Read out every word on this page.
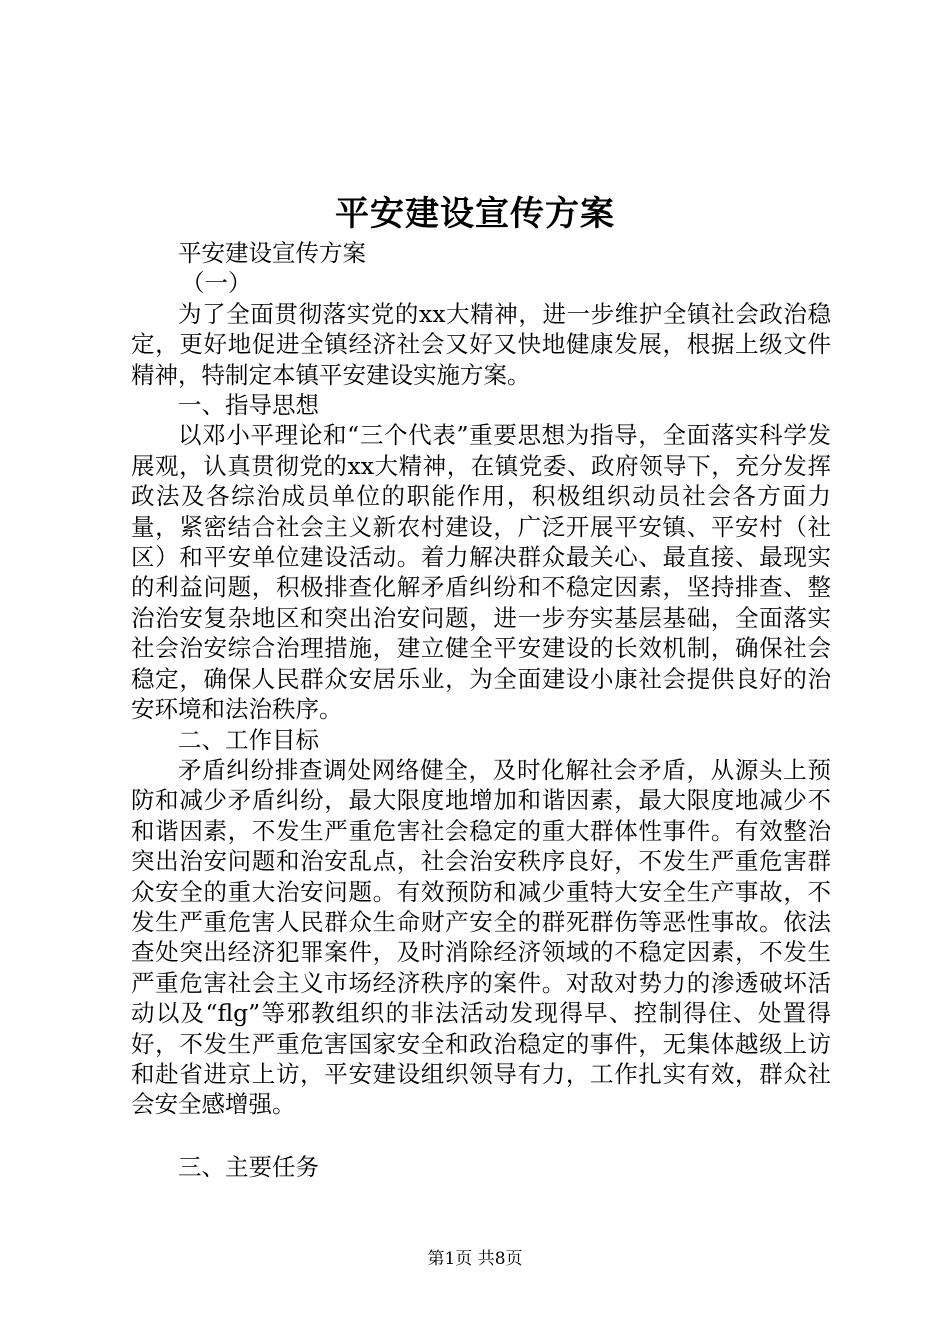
平安建设宣传方案

平安建设宣传方案

（一）

为了全面贯彻落实党的xx大精神，进一步维护全镇社会政治稳定，更好地促进全镇经济社会又好又快地健康发展，根据上级文件精神，特制定本镇平安建设实施方案。

一、指导思想

以邓小平理论和“三个代表”重要思想为指导，全面落实科学发展观，认真贯彻党的xx大精神，在镇党委、政府领导下，充分发挥政法及各综治成员单位的职能作用，积极组织动员社会各方面力量，紧密结合社会主义新农村建设，广泛开展平安镇、平安村（社区）和平安单位建设活动。着力解决群众最关心、最直接、最现实的利益问题，积极排查化解矛盾纠纷和不稳定因素，坚持排查、整治治安复杂地区和突出治安问题，进一步夯实基层基础，全面落实社会治安综合治理措施，建立健全平安建设的长效机制，确保社会稳定，确保人民群众安居乐业，为全面建设小康社会提供良好的治安环境和法治秩序。

二、工作目标

矛盾纠纷排查调处网络健全，及时化解社会矛盾，从源头上预防和减少矛盾纠纷，最大限度地增加和谐因素，最大限度地减少不和谐因素，不发生严重危害社会稳定的重大群体性事件。有效整治突出治安问题和治安乱点，社会治安秩序良好，不发生严重危害群众安全的重大治安问题。有效预防和减少重特大安全生产事故，不发生严重危害人民群众生命财产安全的群死群伤等恶性事故。依法查处突出经济犯罪案件，及时消除经济领域的不稳定因素，不发生严重危害社会主义市场经济秩序的案件。对敌对势力的渗透破坏活动以及“flg”等邪教组织的非法活动发现得早、控制得住、处置得好，不发生严重危害国家安全和政治稳定的事件，无集体越级上访和赴省进京上访，平安建设组织领导有力，工作扎实有效，群众社会安全感增强。

三、主要任务

第1页 共8页
